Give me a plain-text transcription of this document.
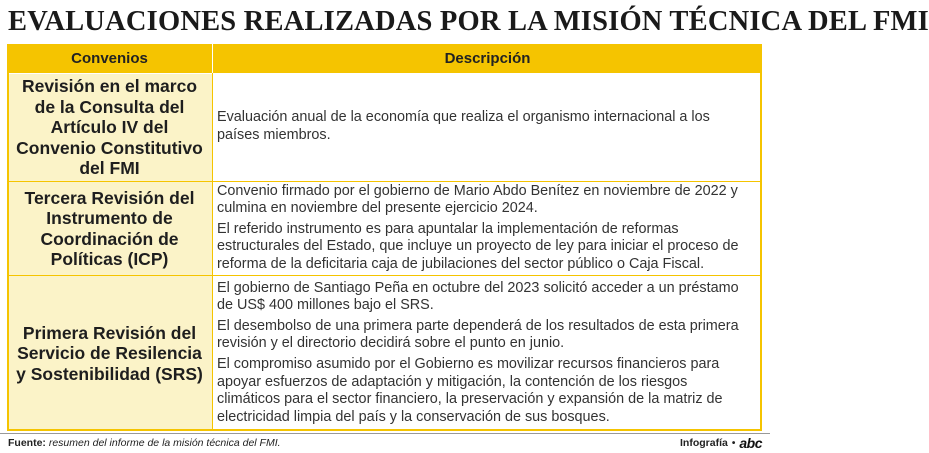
EVALUACIONES REALIZADAS POR LA MISIÓN TÉCNICA DEL FMI
Convenios	Descripción
Revisión en el marco de la Consulta del Artículo IV del Convenio Constitutivo del FMI

Evaluación anual de la economía que realiza el organismo internacional a los países miembros.

Tercera Revisión del Instrumento de Coordinación de Políticas (ICP)

Convenio firmado por el gobierno de Mario Abdo Benítez en noviembre de 2022 y culmina en noviembre del presente ejercicio 2024.

El referido instrumento es para apuntalar la implementación de reformas estructurales del Estado, que incluye un proyecto de ley para iniciar el proceso de reforma de la deficitaria caja de jubilaciones del sector público o Caja Fiscal.

Primera Revisión del Servicio de Resilencia y Sostenibilidad (SRS)

El gobierno de Santiago Peña en octubre del 2023 solicitó acceder a un préstamo de US$ 400 millones bajo el SRS.

El desembolso de una primera parte dependerá de los resultados de esta primera revisión y el directorio decidirá sobre el punto en junio.

El compromiso asumido por el Gobierno es movilizar recursos financieros para apoyar esfuerzos de adaptación y mitigación, la contención de los riesgos climáticos para el sector financiero, la preservación y expansión de la matriz de electricidad limpia del país y la conservación de sus bosques.

Fuente: resumen del informe de la misión técnica del FMI.	Infografía • abc
